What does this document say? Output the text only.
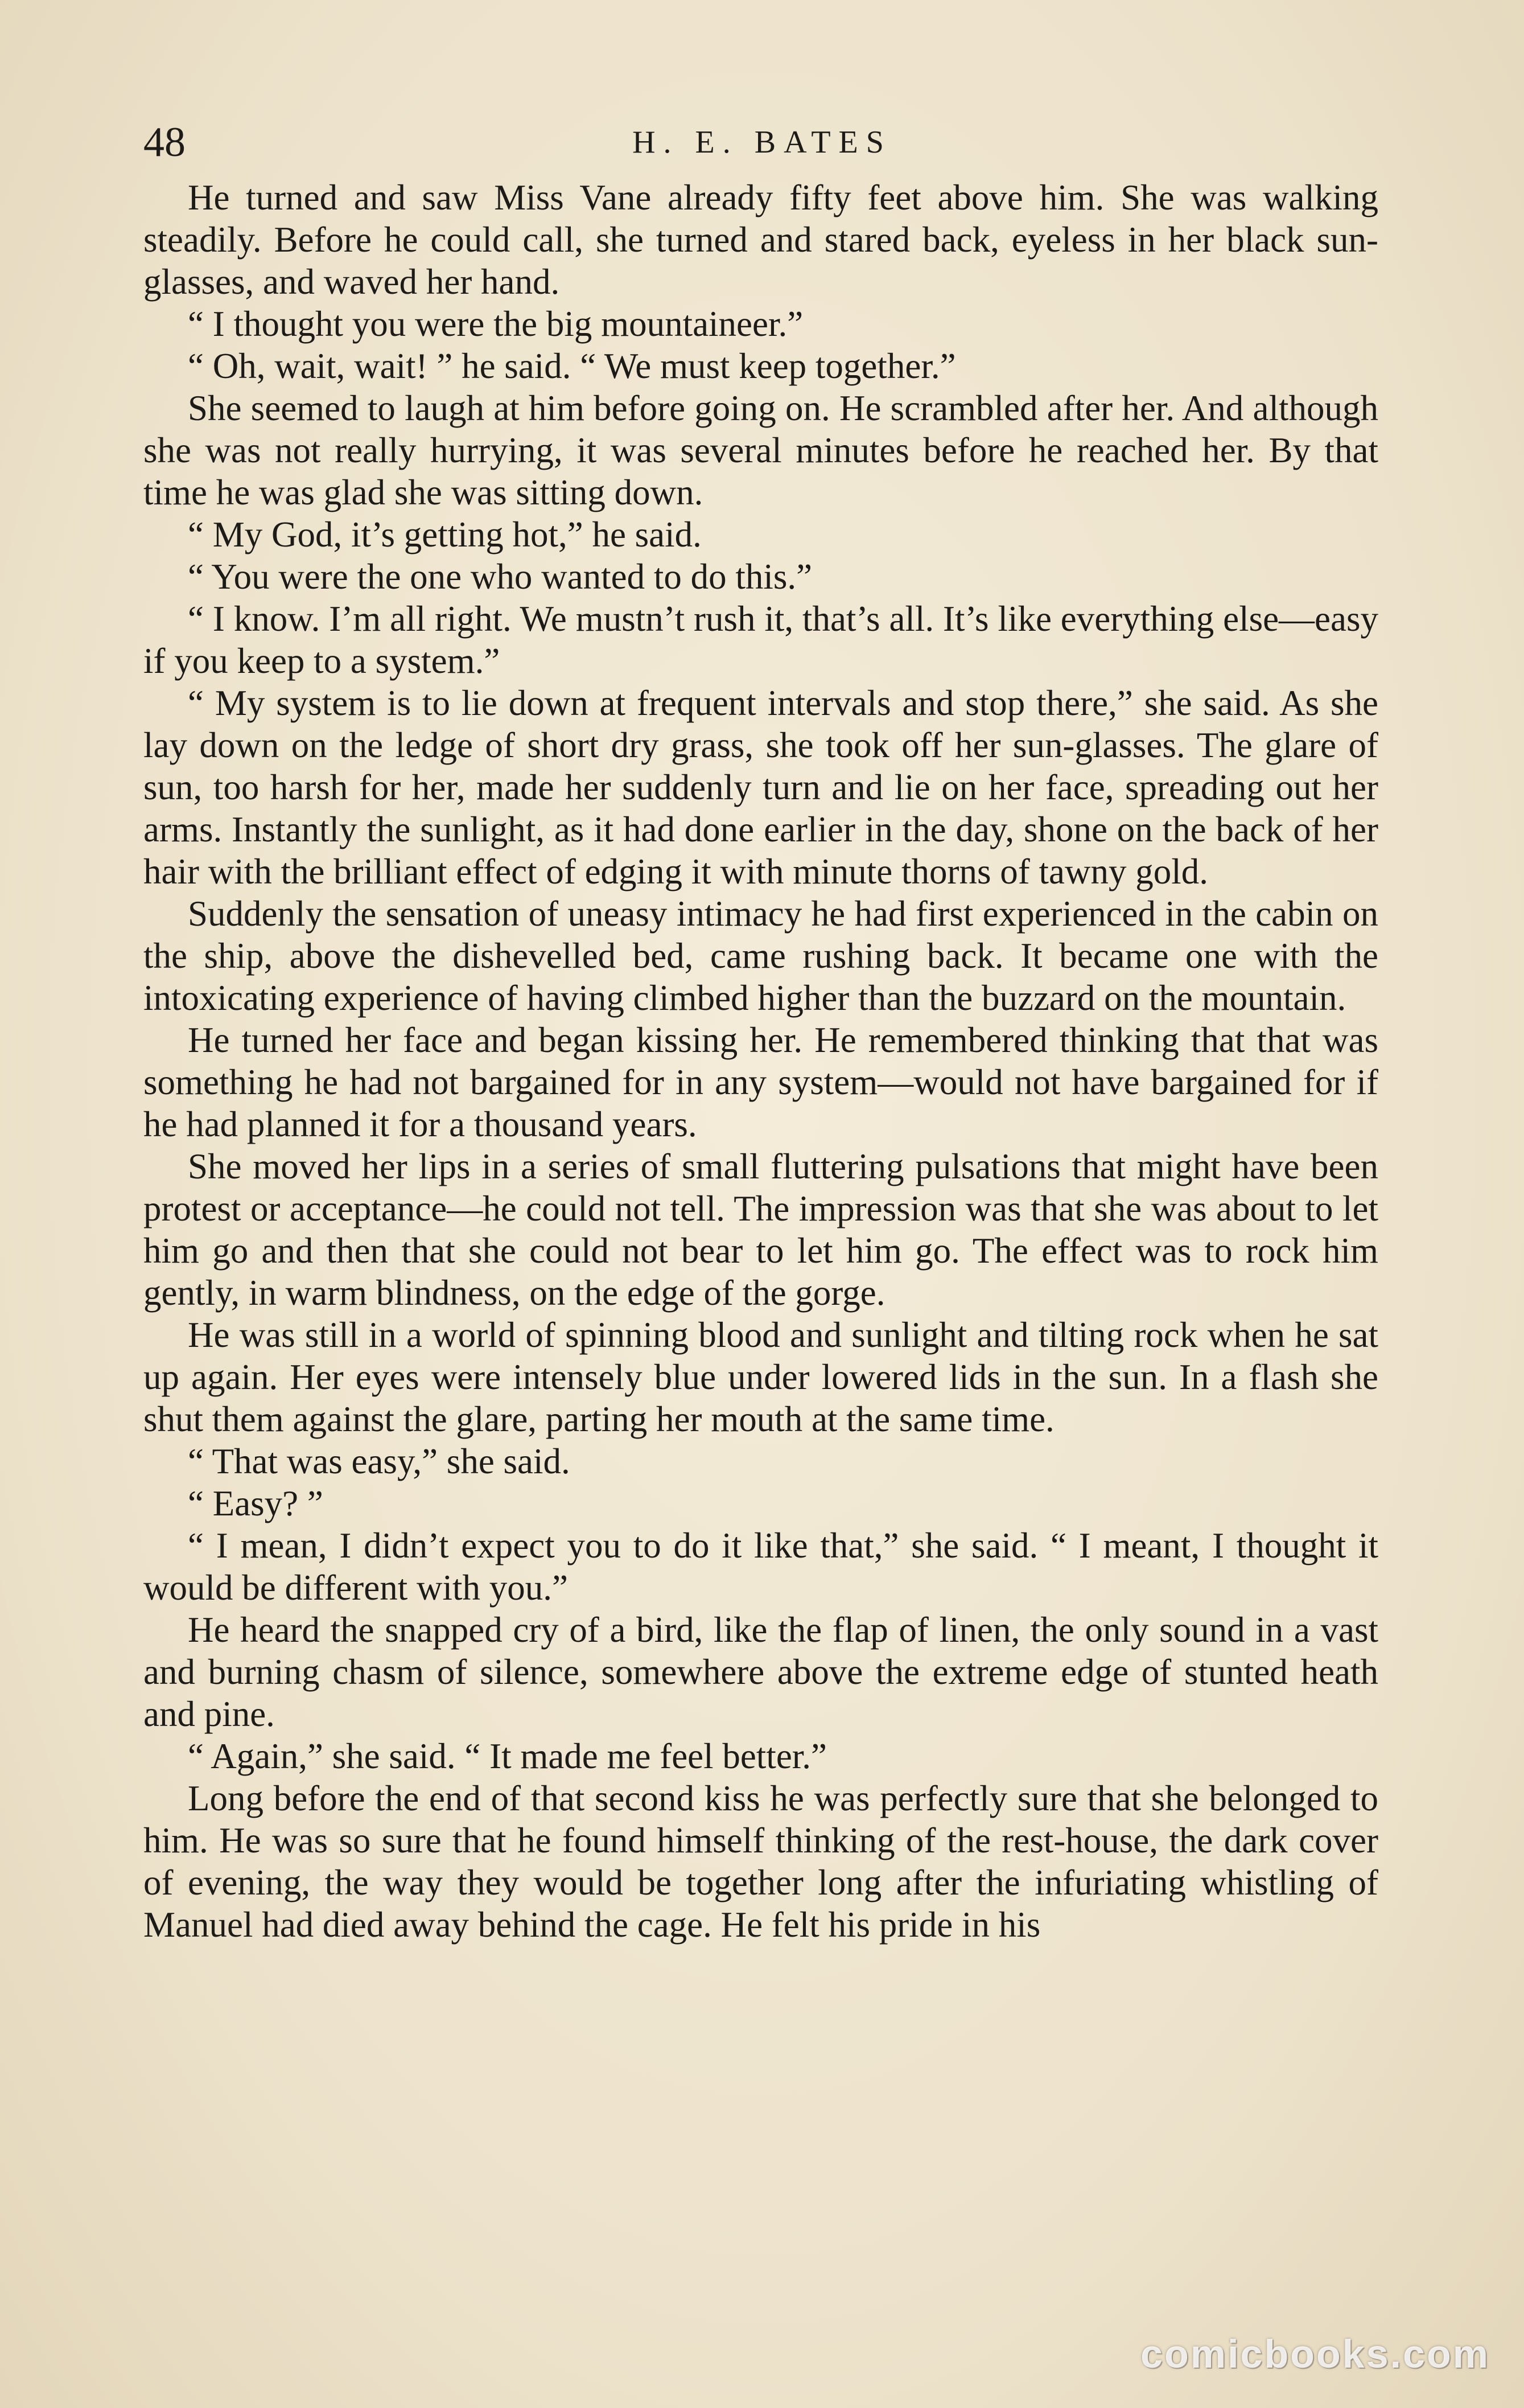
48	H. E. BATES

He turned and saw Miss Vane already fifty feet above him. She was walking steadily. Before he could call, she turned and stared back, eyeless in her black sun-glasses, and waved her hand.

“ I thought you were the big mountaineer.”

“ Oh, wait, wait! ” he said. “ We must keep together.”

She seemed to laugh at him before going on. He scrambled after her. And although she was not really hurrying, it was several minutes before he reached her. By that time he was glad she was sitting down.

“ My God, it’s getting hot,” he said.

“ You were the one who wanted to do this.”

“ I know. I’m all right. We mustn’t rush it, that’s all. It’s like everything else—easy if you keep to a system.”

“ My system is to lie down at frequent intervals and stop there,” she said. As she lay down on the ledge of short dry grass, she took off her sun-glasses. The glare of sun, too harsh for her, made her suddenly turn and lie on her face, spreading out her arms. Instantly the sunlight, as it had done earlier in the day, shone on the back of her hair with the brilliant effect of edging it with minute thorns of tawny gold.

Suddenly the sensation of uneasy intimacy he had first experienced in the cabin on the ship, above the dishevelled bed, came rushing back. It became one with the intoxicating experience of having climbed higher than the buzzard on the mountain.

He turned her face and began kissing her. He remembered thinking that that was something he had not bargained for in any system—would not have bargained for if he had planned it for a thousand years.

She moved her lips in a series of small fluttering pulsations that might have been protest or acceptance—he could not tell. The impression was that she was about to let him go and then that she could not bear to let him go. The effect was to rock him gently, in warm blindness, on the edge of the gorge.

He was still in a world of spinning blood and sunlight and tilting rock when he sat up again. Her eyes were intensely blue under lowered lids in the sun. In a flash she shut them against the glare, parting her mouth at the same time.

“ That was easy,” she said.

“ Easy? ”

“ I mean, I didn’t expect you to do it like that,” she said. “ I meant, I thought it would be different with you.”

He heard the snapped cry of a bird, like the flap of linen, the only sound in a vast and burning chasm of silence, somewhere above the extreme edge of stunted heath and pine.

“ Again,” she said. “ It made me feel better.”

Long before the end of that second kiss he was perfectly sure that she belonged to him. He was so sure that he found himself thinking of the rest-house, the dark cover of evening, the way they would be together long after the infuriating whistling of Manuel had died away behind the cage. He felt his pride in his

comicbooks.com
